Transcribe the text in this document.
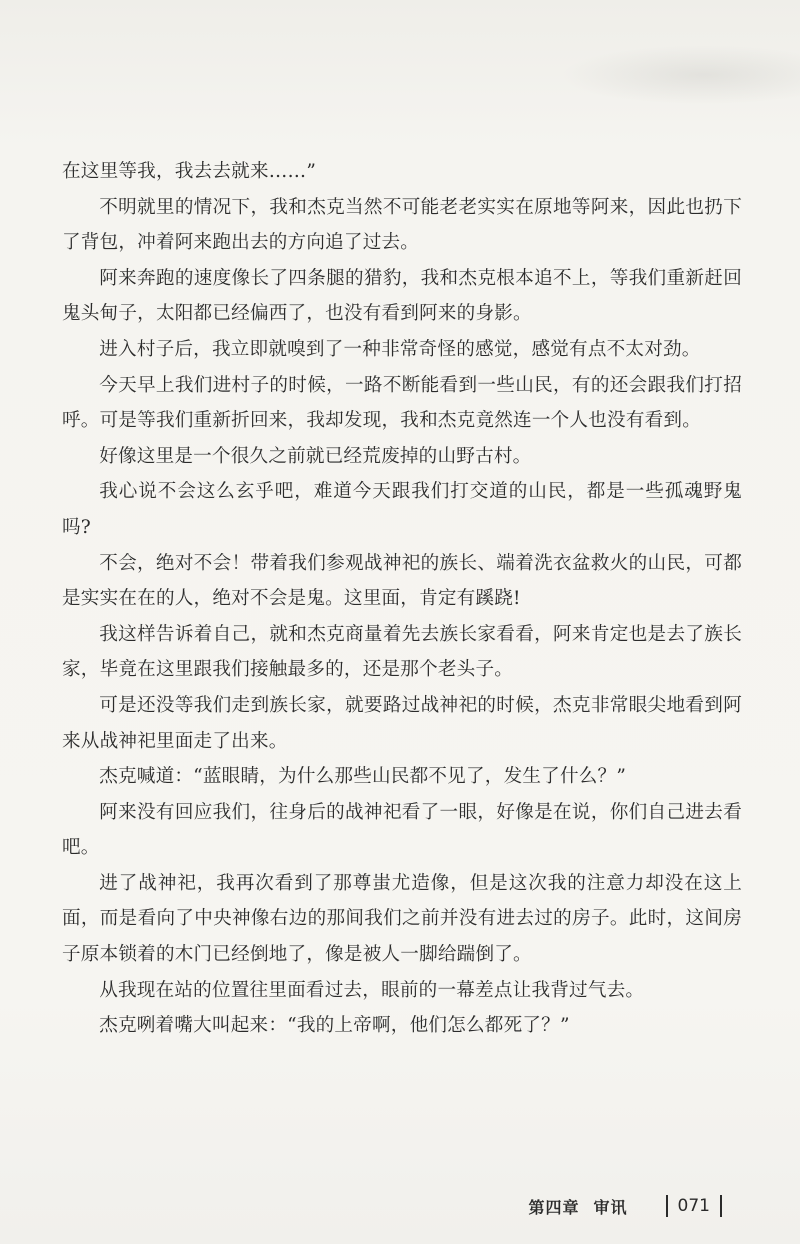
在这里等我，我去去就来……”

不明就里的情况下，我和杰克当然不可能老老实实在原地等阿来，因此也扔下了背包，冲着阿来跑出去的方向追了过去。

阿来奔跑的速度像长了四条腿的猎豹，我和杰克根本追不上，等我们重新赶回鬼头甸子，太阳都已经偏西了，也没有看到阿来的身影。

进入村子后，我立即就嗅到了一种非常奇怪的感觉，感觉有点不太对劲。

今天早上我们进村子的时候，一路不断能看到一些山民，有的还会跟我们打招呼。可是等我们重新折回来，我却发现，我和杰克竟然连一个人也没有看到。

好像这里是一个很久之前就已经荒废掉的山野古村。

我心说不会这么玄乎吧，难道今天跟我们打交道的山民，都是一些孤魂野鬼吗?

不会，绝对不会！带着我们参观战神祀的族长、端着洗衣盆救火的山民，可都是实实在在的人，绝对不会是鬼。这里面，肯定有蹊跷!

我这样告诉着自己，就和杰克商量着先去族长家看看，阿来肯定也是去了族长家，毕竟在这里跟我们接触最多的，还是那个老头子。

可是还没等我们走到族长家，就要路过战神祀的时候，杰克非常眼尖地看到阿来从战神祀里面走了出来。

杰克喊道：“蓝眼睛，为什么那些山民都不见了，发生了什么？”

阿来没有回应我们，往身后的战神祀看了一眼，好像是在说，你们自己进去看吧。

进了战神祀，我再次看到了那尊蚩尤造像，但是这次我的注意力却没在这上面，而是看向了中央神像右边的那间我们之前并没有进去过的房子。此时，这间房子原本锁着的木门已经倒地了，像是被人一脚给踹倒了。

从我现在站的位置往里面看过去，眼前的一幕差点让我背过气去。

杰克咧着嘴大叫起来：“我的上帝啊，他们怎么都死了？”

第四章 审讯	071
